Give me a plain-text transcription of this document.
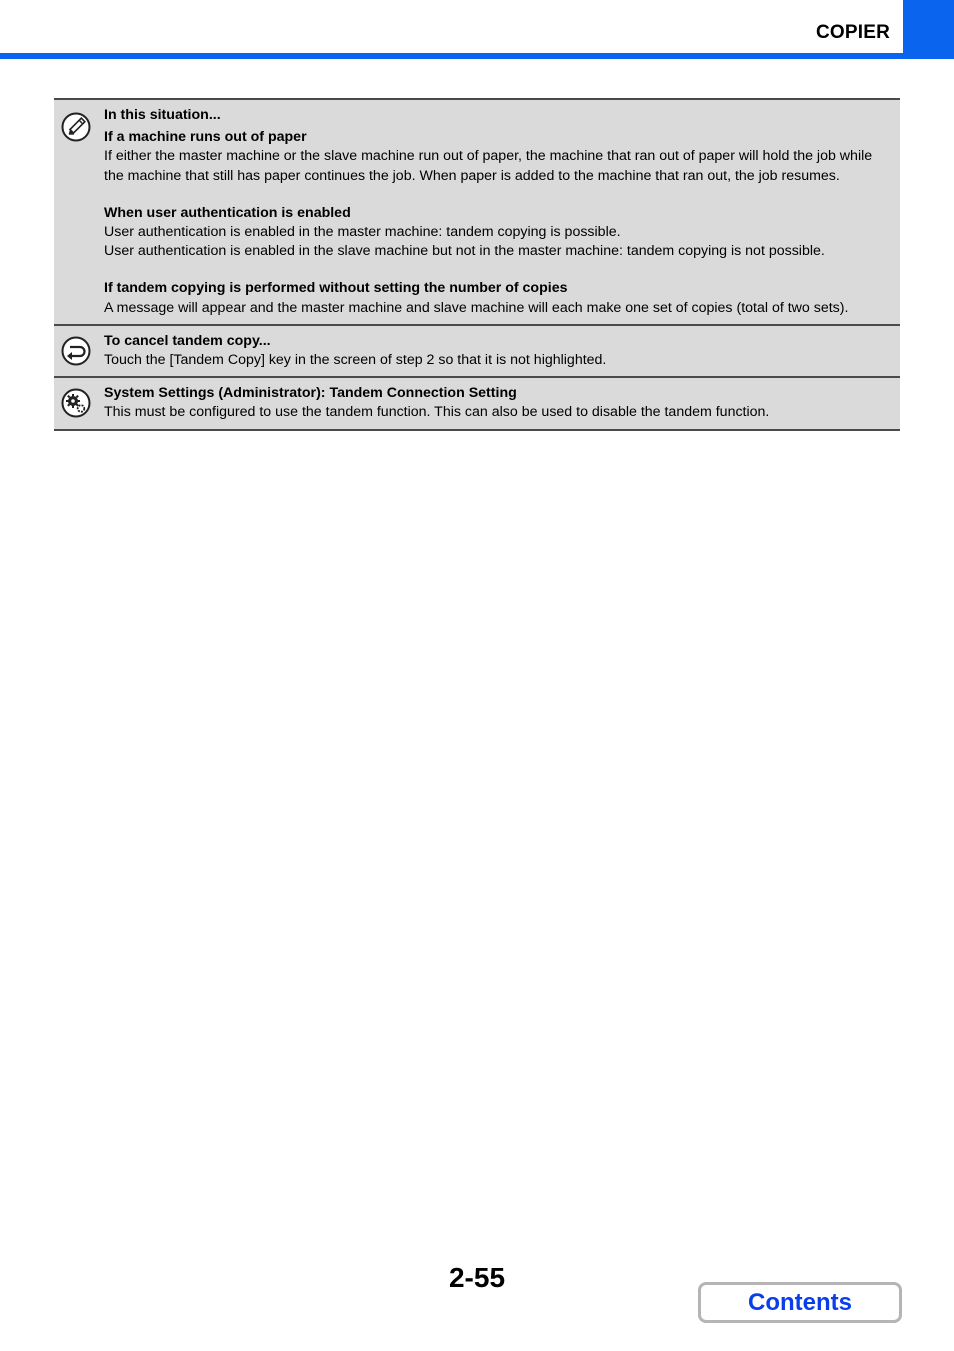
COPIER

In this situation...

If a machine runs out of paper

If either the master machine or the slave machine run out of paper, the machine that ran out of paper will hold the job while the machine that still has paper continues the job. When paper is added to the machine that ran out, the job resumes.

When user authentication is enabled

User authentication is enabled in the master machine: tandem copying is possible.

User authentication is enabled in the slave machine but not in the master machine: tandem copying is not possible.

If tandem copying is performed without setting the number of copies

A message will appear and the master machine and slave machine will each make one set of copies (total of two sets).

To cancel tandem copy...

Touch the [Tandem Copy] key in the screen of step 2 so that it is not highlighted.

System Settings (Administrator): Tandem Connection Setting

This must be configured to use the tandem function. This can also be used to disable the tandem function.

2-55
Contents
